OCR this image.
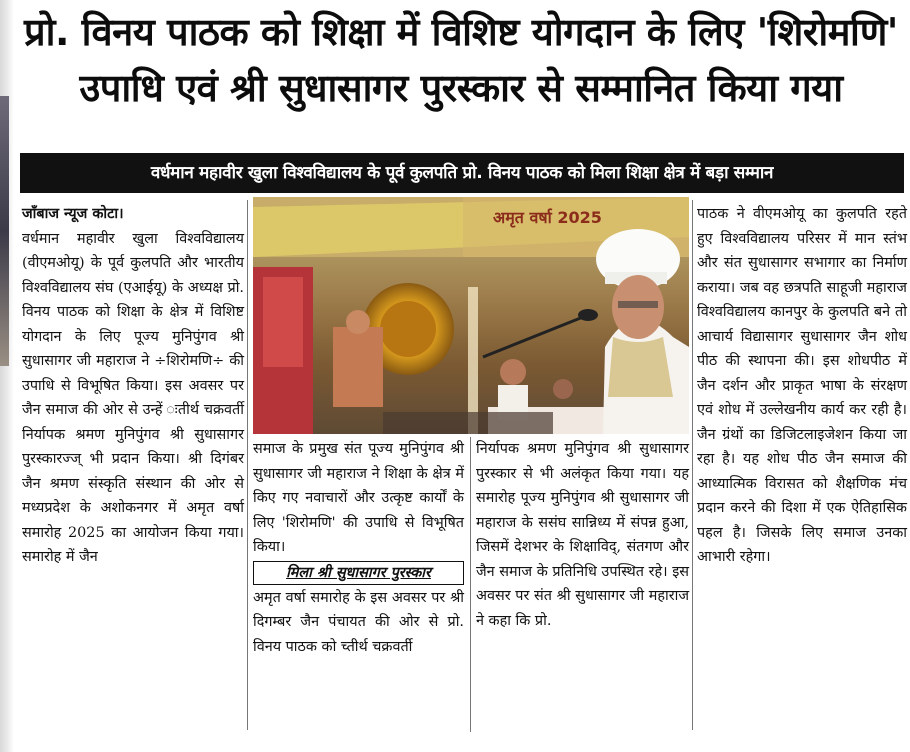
प्रो. विनय पाठक को शिक्षा में विशिष्ट योगदान के लिए 'शिरोमणि'
उपाधि एवं श्री सुधासागर पुरस्कार से सम्मानित किया गया
वर्धमान महावीर खुला विश्वविद्यालय के पूर्व कुलपति प्रो. विनय पाठक को मिला शिक्षा क्षेत्र में बड़ा सम्मान

जाँबाज न्यूज कोटा।
वर्धमान महावीर खुला विश्वविद्यालय (वीएमओयू) के पूर्व कुलपति और भारतीय विश्वविद्यालय संघ (एआईयू) के अध्यक्ष प्रो. विनय पाठक को शिक्षा के क्षेत्र में विशिष्ट योगदान के लिए पूज्य मुनिपुंगव श्री सुधासागर जी महाराज ने ÷शिरोमणि÷ की उपाधि से विभूषित किया। इस अवसर पर जैन समाज की ओर से उन्हें ःतीर्थ चक्रवर्ती निर्यापक श्रमण मुनिपुंगव श्री सुधासागर पुरस्कारज्ज् भी प्रदान किया। श्री दिगंबर जैन श्रमण संस्कृति संस्थान की ओर से मध्यप्रदेश के अशोकनगर में अमृत वर्षा समारोह 2025 का आयोजन किया गया। समारोह में जैन

अमृत वर्षा 2025

समाज के प्रमुख संत पूज्य मुनिपुंगव श्री सुधासागर जी महाराज ने शिक्षा के क्षेत्र में किए गए नवाचारों और उत्कृष्ट कार्यों के लिए 'शिरोमणि' की उपाधि से विभूषित किया।

मिला श्री सुधासागर पुरस्कार

अमृत वर्षा समारोह के इस अवसर पर श्री दिगम्बर जैन पंचायत की ओर से प्रो. विनय पाठक को च्तीर्थ चक्रवर्ती

निर्यापक श्रमण मुनिपुंगव श्री सुधासागर पुरस्कार से भी अलंकृत किया गया। यह समारोह पूज्य मुनिपुंगव श्री सुधासागर जी महाराज के ससंघ सान्निध्य में संपन्न हुआ, जिसमें देशभर के शिक्षाविद्, संतगण और जैन समाज के प्रतिनिधि उपस्थित रहे। इस अवसर पर संत श्री सुधासागर जी महाराज ने कहा कि प्रो.

पाठक ने वीएमओयू का कुलपति रहते हुए विश्वविद्यालय परिसर में मान स्तंभ और संत सुधासागर सभागार का निर्माण कराया। जब वह छत्रपति साहूजी महाराज विश्वविद्यालय कानपुर के कुलपति बने तो आचार्य विद्यासागर सुधासागर जैन शोध पीठ की स्थापना की। इस शोधपीठ में जैन दर्शन और प्राकृत भाषा के संरक्षण एवं शोध में उल्लेखनीय कार्य कर रही है। जैन ग्रंथों का डिजिटलाइजेशन किया जा रहा है। यह शोध पीठ जैन समाज की आध्यात्मिक विरासत को शैक्षणिक मंच प्रदान करने की दिशा में एक ऐतिहासिक पहल है। जिसके लिए समाज उनका आभारी रहेगा।
